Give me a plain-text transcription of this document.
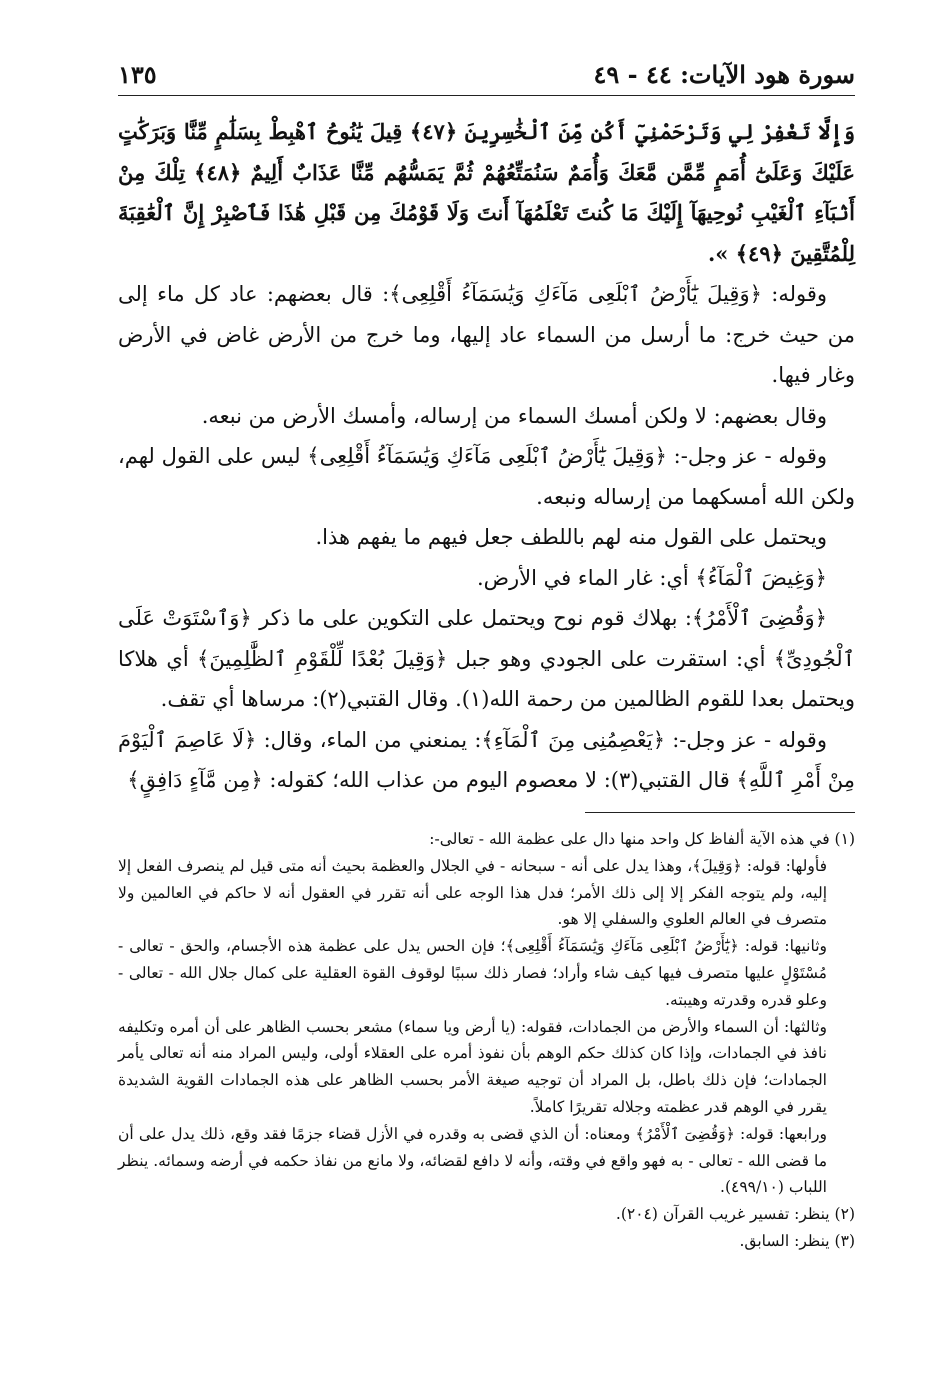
سورة هود الآيات: ٤٤ - ٤٩
١٣٥

وَإِلَّا تَغْفِرْ لِي وَتَرْحَمْنِيٓ أَكُن مِّنَ ٱلْخَٰسِرِينَ ﴿٤٧﴾ قِيلَ يَٰنُوحُ ٱهْبِطْ بِسَلَٰمٍ مِّنَّا وَبَرَكَٰتٍ عَلَيْكَ وَعَلَىٰٓ أُمَمٍ مِّمَّن مَّعَكَ وَأُمَمٌ سَنُمَتِّعُهُمْ ثُمَّ يَمَسُّهُم مِّنَّا عَذَابٌ أَلِيمٌ ﴿٤٨﴾ تِلْكَ مِنْ أَنۢبَآءِ ٱلْغَيْبِ نُوحِيهَآ إِلَيْكَ مَا كُنتَ تَعْلَمُهَآ أَنتَ وَلَا قَوْمُكَ مِن قَبْلِ هَٰذَا فَٱصْبِرْ إِنَّ ٱلْعَٰقِبَةَ لِلْمُتَّقِينَ ﴿٤٩﴾ ».

وقوله: ﴿وَقِيلَ يَٰٓأَرْضُ ٱبْلَعِى مَآءَكِ وَيَٰسَمَآءُ أَقْلِعِى﴾: قال بعضهم: عاد كل ماء إلى من حيث خرج: ما أرسل من السماء عاد إليها، وما خرج من الأرض غاض في الأرض وغار فيها.

وقال بعضهم: لا ولكن أمسك السماء من إرساله، وأمسك الأرض من نبعه.

وقوله - عز وجل-: ﴿وَقِيلَ يَٰٓأَرْضُ ٱبْلَعِى مَآءَكِ وَيَٰسَمَآءُ أَقْلِعِى﴾ ليس على القول لهم، ولكن الله أمسكهما من إرساله ونبعه.

ويحتمل على القول منه لهم باللطف جعل فيهم ما يفهم هذا.

﴿وَغِيضَ ٱلْمَآءُ﴾ أي: غار الماء في الأرض.

﴿وَقُضِىَ ٱلْأَمْرُ﴾: بهلاك قوم نوح ويحتمل على التكوين على ما ذكر ﴿وَٱسْتَوَتْ عَلَى ٱلْجُودِىِّ﴾ أي: استقرت على الجودي وهو جبل ﴿وَقِيلَ بُعْدًا لِّلْقَوْمِ ٱلظَّٰلِمِينَ﴾ أي هلاكا ويحتمل بعدا للقوم الظالمين من رحمة الله(١). وقال القتبي(٢): مرساها أي تقف.

وقوله - عز وجل-: ﴿يَعْصِمُنِى مِنَ ٱلْمَآءِ﴾: يمنعني من الماء، وقال: ﴿لَا عَاصِمَ ٱلْيَوْمَ مِنْ أَمْرِ ٱللَّهِ﴾ قال القتبي(٣): لا معصوم اليوم من عذاب الله؛ كقوله: ﴿مِن مَّآءٍ دَافِقٍ﴾

(١) في هذه الآية ألفاظ كل واحد منها دال على عظمة الله - تعالى-:

فأولها: قوله: ﴿وَقِيلَ﴾، وهذا يدل على أنه - سبحانه - في الجلال والعظمة بحيث أنه متى قيل لم ينصرف الفعل إلا إليه، ولم يتوجه الفكر إلا إلى ذلك الأمر؛ فدل هذا الوجه على أنه تقرر في العقول أنه لا حاكم في العالمين ولا متصرف في العالم العلوي والسفلي إلا هو.

وثانيها: قوله: ﴿يَٰٓأَرْضُ ٱبْلَعِى مَآءَكِ وَيَٰسَمَآءُ أَقْلِعِى﴾؛ فإن الحس يدل على عظمة هذه الأجسام، والحق - تعالى - مُسْتَوْلٍ عليها متصرف فيها كيف شاء وأراد؛ فصار ذلك سببًا لوقوف القوة العقلية على كمال جلال الله - تعالى - وعلو قدره وقدرته وهيبته.

وثالثها: أن السماء والأرض من الجمادات، فقوله: (يا أرض ويا سماء) مشعر بحسب الظاهر على أن أمره وتكليفه نافذ في الجمادات، وإذا كان كذلك حكم الوهم بأن نفوذ أمره على العقلاء أولى، وليس المراد منه أنه تعالى يأمر الجمادات؛ فإن ذلك باطل، بل المراد أن توجيه صيغة الأمر بحسب الظاهر على هذه الجمادات القوية الشديدة يقرر في الوهم قدر عظمته وجلاله تقريرًا كاملاً.

ورابعها: قوله: ﴿وَقُضِىَ ٱلْأَمْرُ﴾ ومعناه: أن الذي قضى به وقدره في الأزل قضاء جزمًا فقد وقع، ذلك يدل على أن ما قضى الله - تعالى - به فهو واقع في وقته، وأنه لا دافع لقضائه، ولا مانع من نفاذ حكمه في أرضه وسمائه. ينظر اللباب (٤٩٩/١٠).

(٢) ينظر: تفسير غريب القرآن (٢٠٤).

(٣) ينظر: السابق.
